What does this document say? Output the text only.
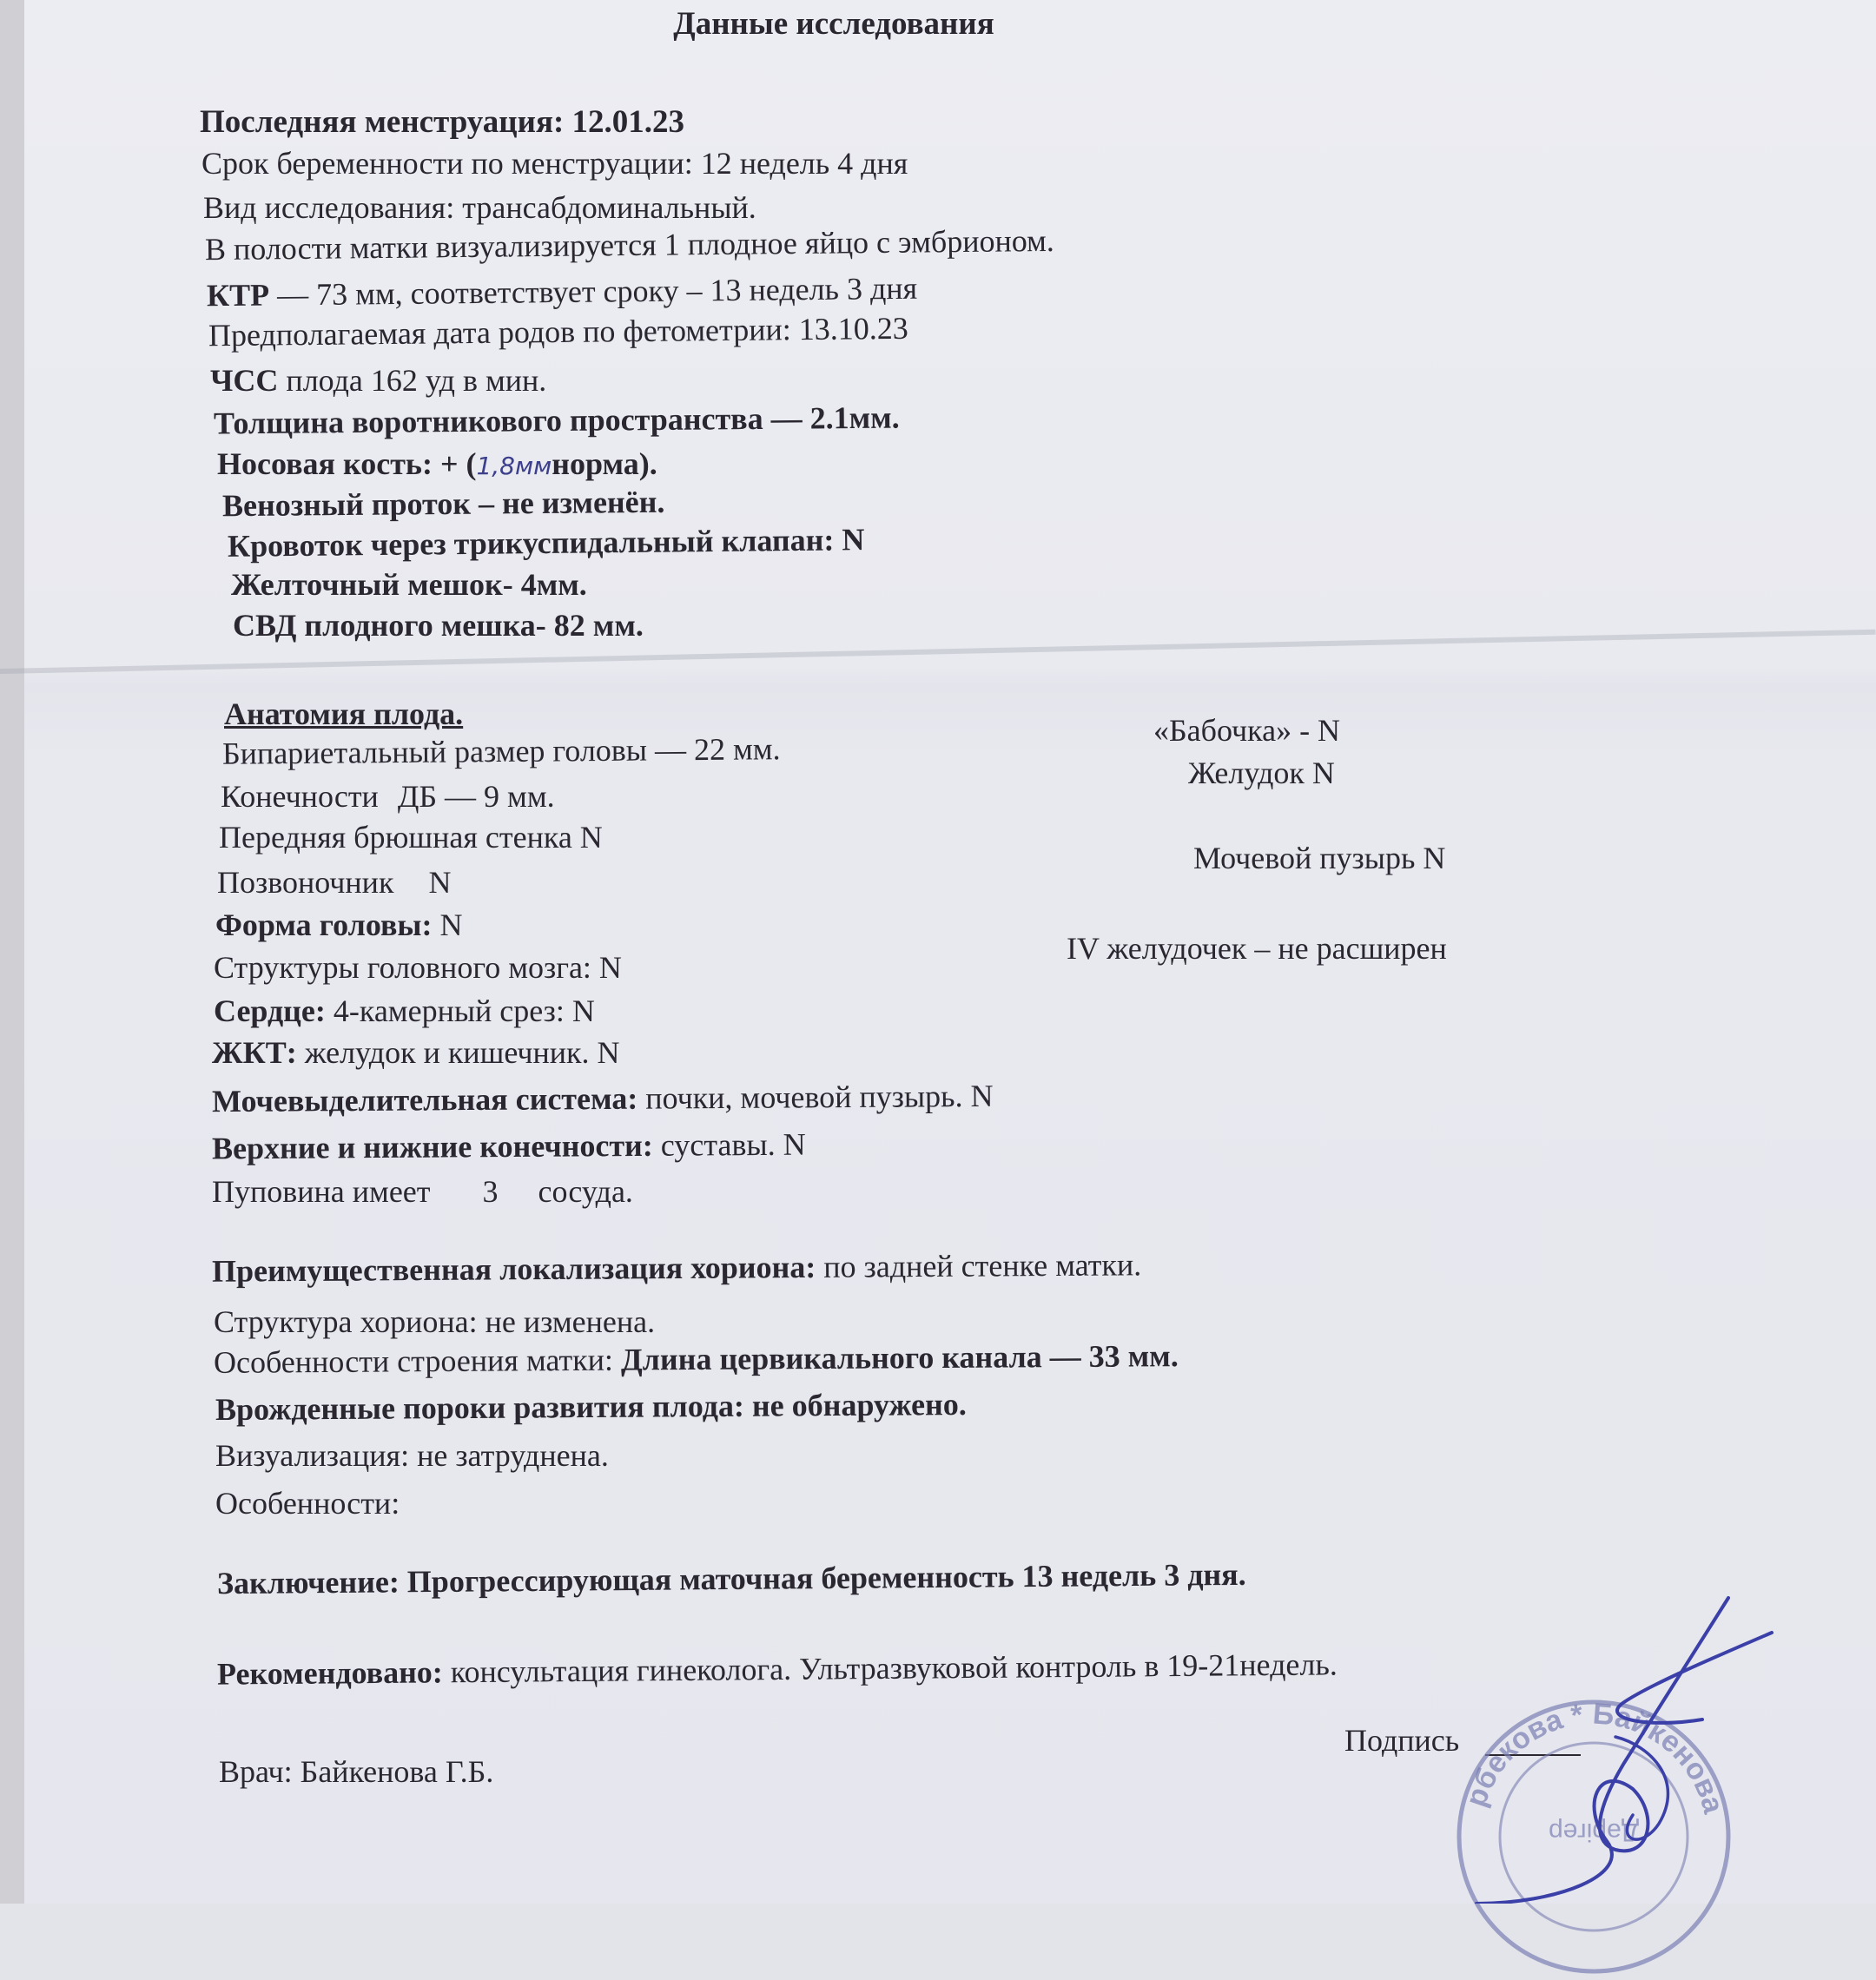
Данные исследования
Последняя менструация: 12.01.23
Срок беременности по менструации: 12 недель 4 дня
Вид исследования: трансабдоминальный.
В полости матки визуализируется 1 плодное яйцо с эмбрионом.
КТР — 73 мм, соответствует сроку – 13 недель 3 дня
Предполагаемая дата родов по фетометрии: 13.10.23
ЧСС плода 162 уд в мин.
Толщина воротникового пространства — 2.1мм.
Носовая кость: + (1,8ммнорма).
Венозный проток – не изменён.
Кровоток через трикуспидальный клапан: N
Желточный мешок- 4мм.
СВД плодного мешка- 82 мм.
Анатомия плода.
Бипариетальный размер головы — 22 мм.
Конечности ДБ — 9 мм.
Передняя брюшная стенка N
Позвоночник N
Форма головы: N
Структуры головного мозга: N
Сердце: 4-камерный срез: N
ЖКТ: желудок и кишечник. N
Мочевыделительная система: почки, мочевой пузырь. N
Верхние и нижние конечности: суставы. N
Пуповина имеет 3 сосуда.
«Бабочка» - N
Желудок N
Мочевой пузырь N
IV желудочек – не расширен
Преимущественная локализация хориона: по задней стенке матки.
Структура хориона: не изменена.
Особенности строения матки: Длина цервикального канала — 33 мм.
Врожденные пороки развития плода: не обнаружено.
Визуализация: не затруднена.
Особенности:
Заключение: Прогрессирующая маточная беременность 13 недель 3 дня.
Рекомендовано: консультация гинеколога. Ультразвуковой контроль в 19-21недель.
Подпись
Врач: Байкенова Г.Б.
рбекова * Байкенова
Дәрігер
